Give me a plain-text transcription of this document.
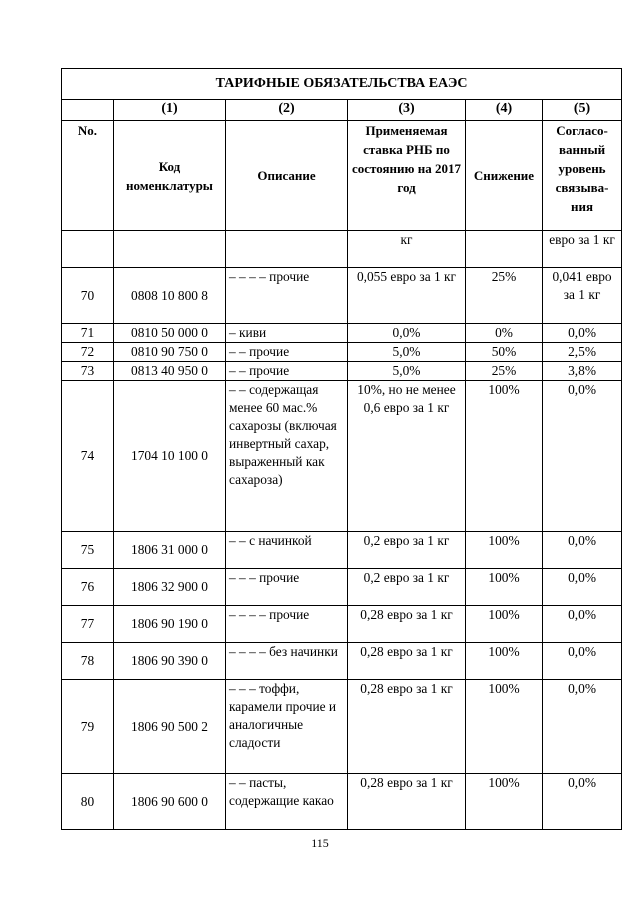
ТАРИФНЫЕ ОБЯЗАТЕЛЬСТВА ЕАЭС					
	(1)	(2)	(3)	(4)	(5)
No.	Код номенклатуры	Описание	Применяемая ставка РНБ по состоянию на 2017 год	Снижение	Согласо-ванный уровень связыва-ния
			кг		евро за 1 кг
70	0808 10 800 8	– – – – прочие	0,055 евро за 1 кг	25%	0,041 евро за 1 кг
71	0810 50 000 0	– киви	0,0%	0%	0,0%
72	0810 90 750 0	– – прочие	5,0%	50%	2,5%
73	0813 40 950 0	– – прочие	5,0%	25%	3,8%
74	1704 10 100 0	– – содержащая менее 60 мас.% сахарозы (включая инвертный сахар, выраженный как сахароза)	10%, но не менее 0,6 евро за 1 кг	100%	0,0%
75	1806 31 000 0	– – с начинкой	0,2 евро за 1 кг	100%	0,0%
76	1806 32 900 0	– – – прочие	0,2 евро за 1 кг	100%	0,0%
77	1806 90 190 0	– – – – прочие	0,28 евро за 1 кг	100%	0,0%
78	1806 90 390 0	– – – – без начинки	0,28 евро за 1 кг	100%	0,0%
79	1806 90 500 2	– – – тоффи, карамели прочие и аналогичные сладости	0,28 евро за 1 кг	100%	0,0%
80	1806 90 600 0	– – пасты, содержащие какао	0,28 евро за 1 кг	100%	0,0%
115
